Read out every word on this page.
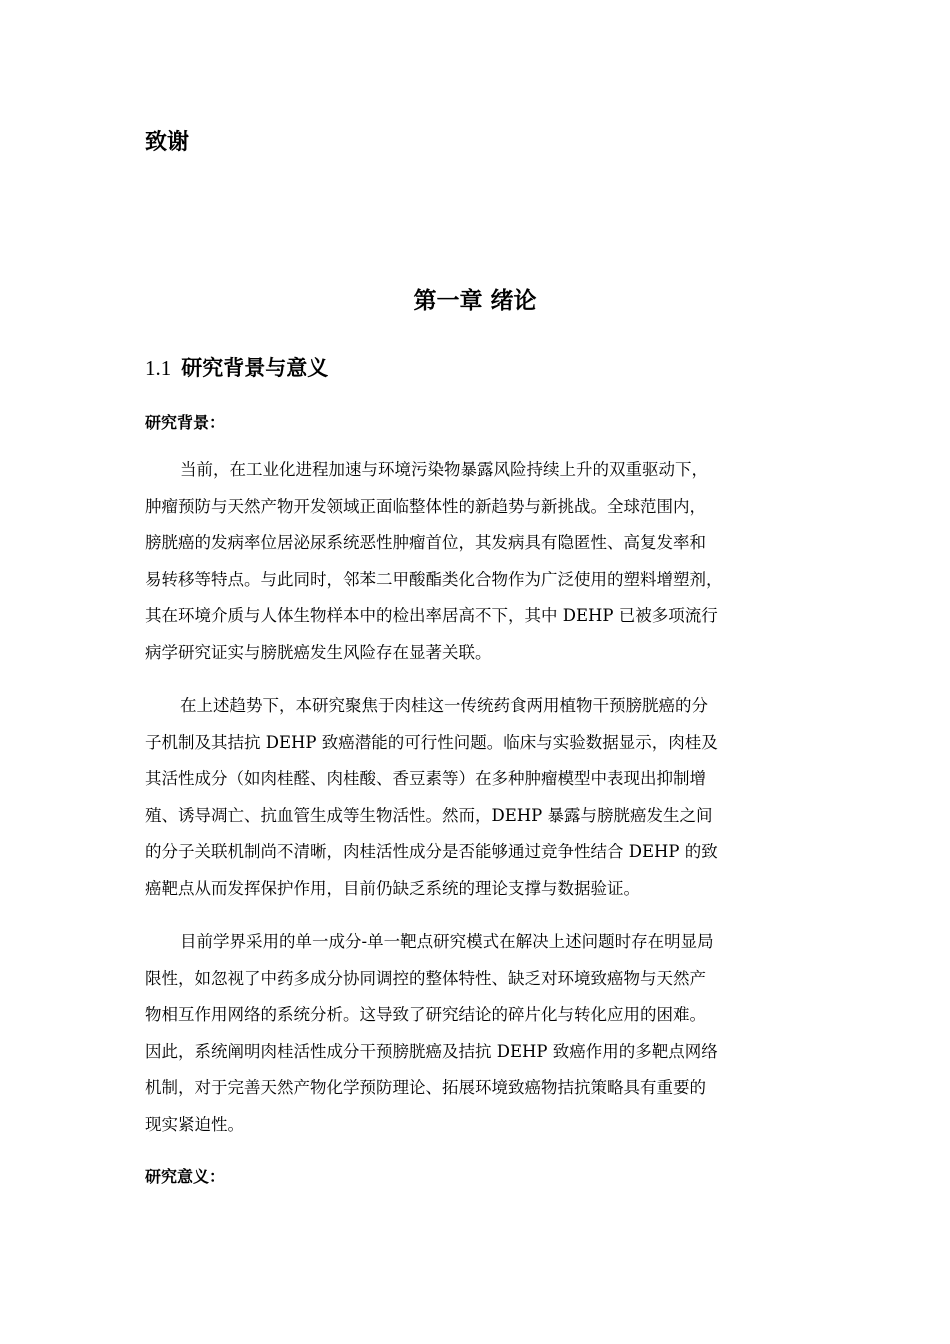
致谢
第一章 绪论
1.1 研究背景与意义

研究背景：

当前，在工业化进程加速与环境污染物暴露风险持续上升的双重驱动下，
肿瘤预防与天然产物开发领域正面临整体性的新趋势与新挑战。全球范围内，
膀胱癌的发病率位居泌尿系统恶性肿瘤首位，其发病具有隐匿性、高复发率和
易转移等特点。与此同时，邻苯二甲酸酯类化合物作为广泛使用的塑料增塑剂，
其在环境介质与人体生物样本中的检出率居高不下，其中 DEHP 已被多项流行
病学研究证实与膀胱癌发生风险存在显著关联。
在上述趋势下，本研究聚焦于肉桂这一传统药食两用植物干预膀胱癌的分
子机制及其拮抗 DEHP 致癌潜能的可行性问题。临床与实验数据显示，肉桂及
其活性成分（如肉桂醛、肉桂酸、香豆素等）在多种肿瘤模型中表现出抑制增
殖、诱导凋亡、抗血管生成等生物活性。然而，DEHP 暴露与膀胱癌发生之间
的分子关联机制尚不清晰，肉桂活性成分是否能够通过竞争性结合 DEHP 的致
癌靶点从而发挥保护作用，目前仍缺乏系统的理论支撑与数据验证。
目前学界采用的单一成分-单一靶点研究模式在解决上述问题时存在明显局
限性，如忽视了中药多成分协同调控的整体特性、缺乏对环境致癌物与天然产
物相互作用网络的系统分析。这导致了研究结论的碎片化与转化应用的困难。
因此，系统阐明肉桂活性成分干预膀胱癌及拮抗 DEHP 致癌作用的多靶点网络
机制，对于完善天然产物化学预防理论、拓展环境致癌物拮抗策略具有重要的
现实紧迫性。

研究意义：
